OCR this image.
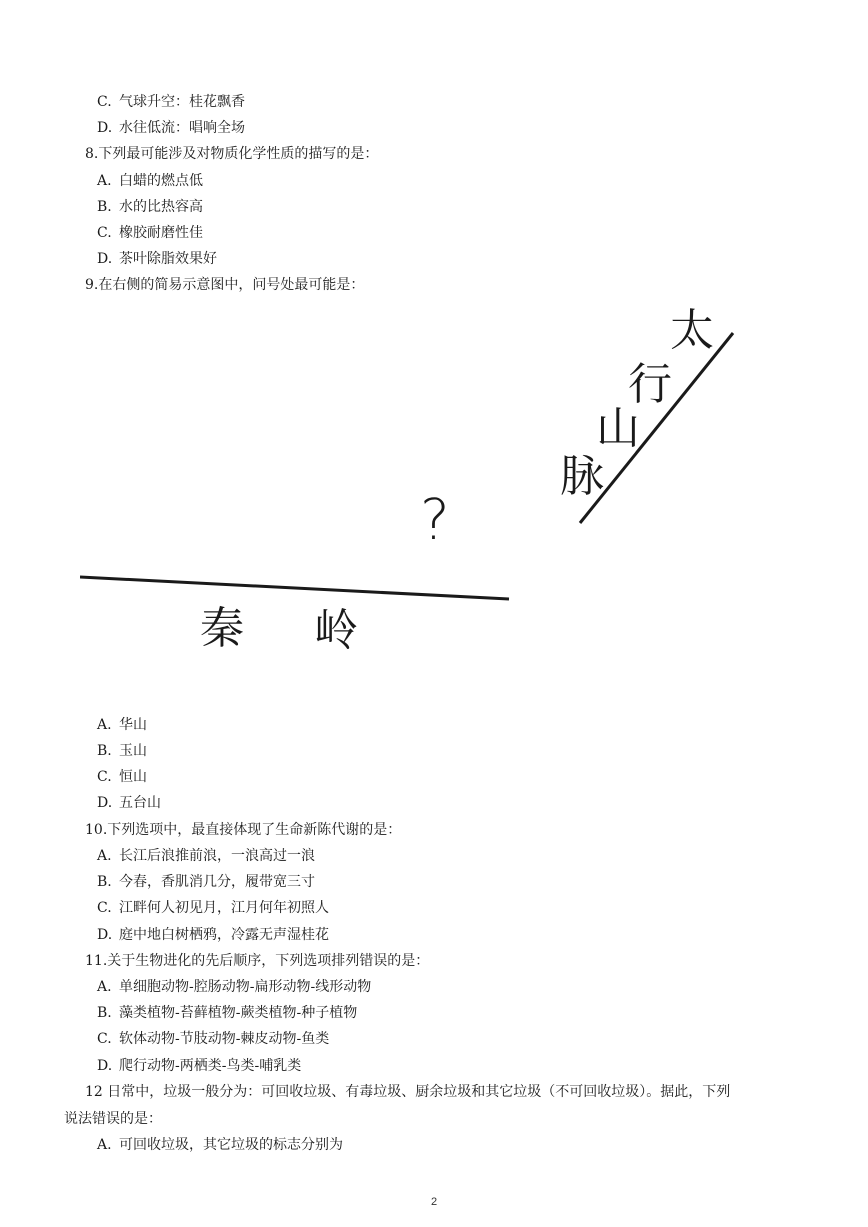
C. 气球升空：桂花飘香
D. 水往低流：唱响全场
8.下列最可能涉及对物质化学性质的描写的是：
A. 白蜡的燃点低
B. 水的比热容高
C. 橡胶耐磨性佳
D. 茶叶除脂效果好
9.在右侧的简易示意图中，问号处最可能是：
太
行
山
脉
?
秦 岭
A. 华山
B. 玉山
C. 恒山
D. 五台山
10.下列选项中，最直接体现了生命新陈代谢的是：
A. 长江后浪推前浪，一浪高过一浪
B. 今春，香肌消几分，履带宽三寸
C. 江畔何人初见月，江月何年初照人
D. 庭中地白树栖鸦，冷露无声湿桂花
11.关于生物进化的先后顺序，下列选项排列错误的是：
A. 单细胞动物-腔肠动物-扁形动物-线形动物
B. 藻类植物-苔藓植物-蕨类植物-种子植物
C. 软体动物-节肢动物-棘皮动物-鱼类
D. 爬行动物-两栖类-鸟类-哺乳类
12 日常中，垃圾一般分为：可回收垃圾、有毒垃圾、厨余垃圾和其它垃圾（不可回收垃圾）。据此，下列
说法错误的是：
A. 可回收垃圾，其它垃圾的标志分别为
2
